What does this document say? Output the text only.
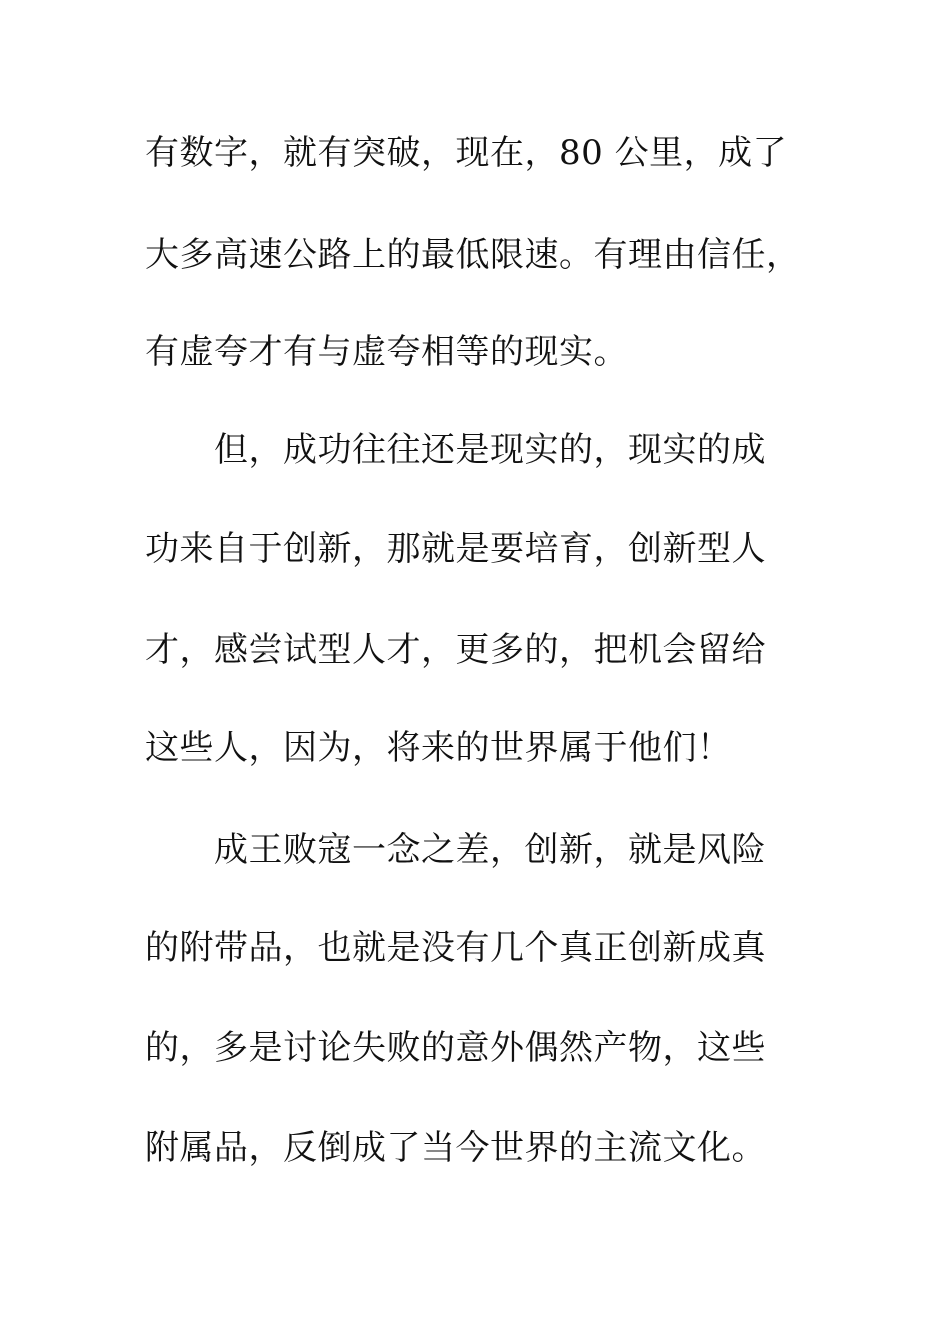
有数字，就有突破，现在，80 公里，成了
大多高速公路上的最低限速。有理由信任，
有虚夸才有与虚夸相等的现实。
但，成功往往还是现实的，现实的成
功来自于创新，那就是要培育，创新型人
才，感尝试型人才，更多的，把机会留给
这些人，因为，将来的世界属于他们！
成王败寇一念之差，创新，就是风险
的附带品，也就是没有几个真正创新成真
的，多是讨论失败的意外偶然产物，这些
附属品，反倒成了当今世界的主流文化。
